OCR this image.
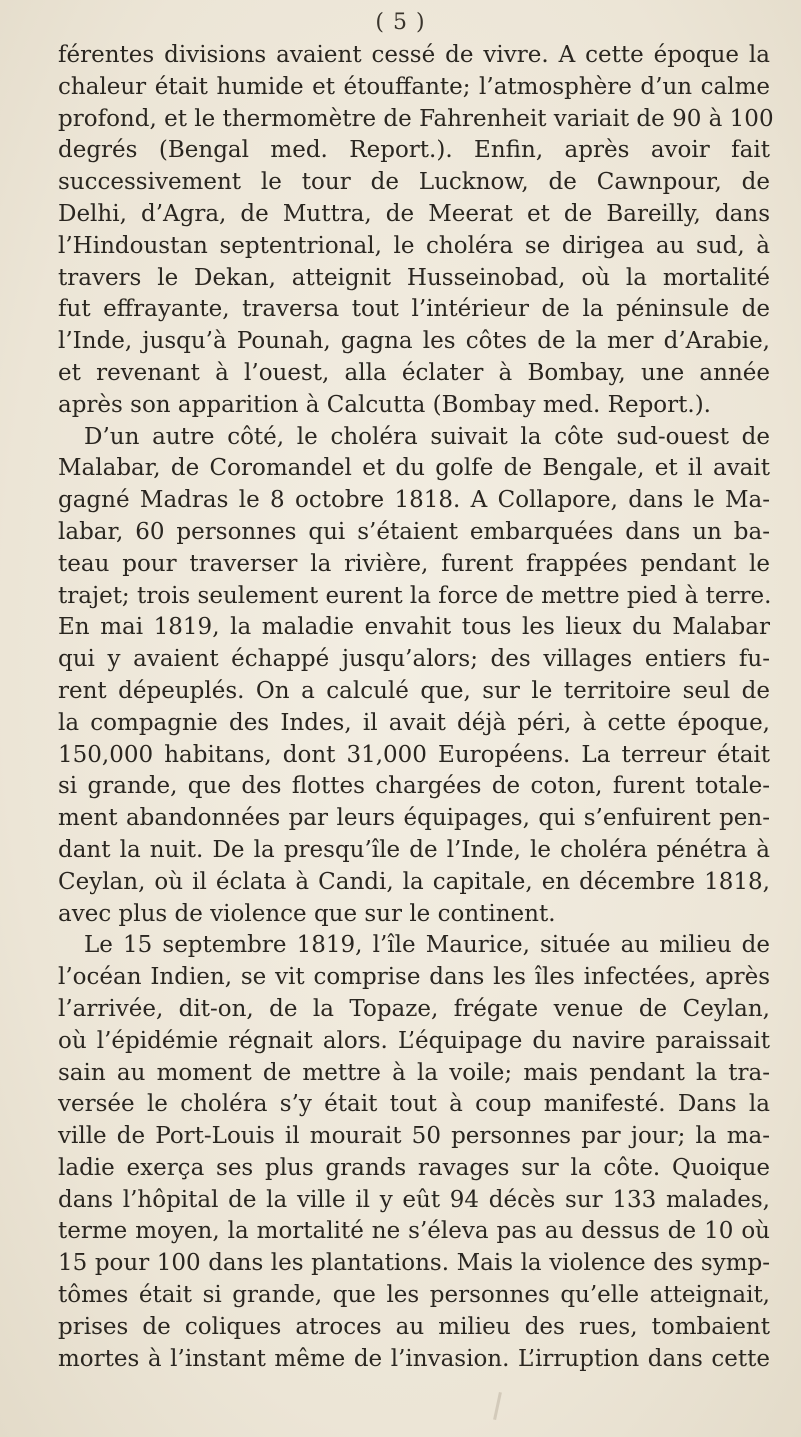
( 5 )
férentes divisions avaient cessé de vivre. A cette époque la
chaleur était humide et étouffante; l’atmosphère d’un calme
profond, et le thermomètre de Fahrenheit variait de 90 à 100
degrés (Bengal med. Report.). Enfin, après avoir fait
successivement le tour de Lucknow, de Cawnpour, de
Delhi, d’Agra, de Muttra, de Meerat et de Bareilly, dans
l’Hindoustan septentrional, le choléra se dirigea au sud, à
travers le Dekan, atteignit Husseinobad, où la mortalité
fut effrayante, traversa tout l’intérieur de la péninsule de
l’Inde, jusqu’à Pounah, gagna les côtes de la mer d’Arabie,
et revenant à l’ouest, alla éclater à Bombay, une année
après son apparition à Calcutta (Bombay med. Report.).
D’un autre côté, le choléra suivait la côte sud-ouest de
Malabar, de Coromandel et du golfe de Bengale, et il avait
gagné Madras le 8 octobre 1818. A Collapore, dans le Ma-
labar, 60 personnes qui s’étaient embarquées dans un ba-
teau pour traverser la rivière, furent frappées pendant le
trajet; trois seulement eurent la force de mettre pied à terre.
En mai 1819, la maladie envahit tous les lieux du Malabar
qui y avaient échappé jusqu’alors; des villages entiers fu-
rent dépeuplés. On a calculé que, sur le territoire seul de
la compagnie des Indes, il avait déjà péri, à cette époque,
150,000 habitans, dont 31,000 Européens. La terreur était
si grande, que des flottes chargées de coton, furent totale-
ment abandonnées par leurs équipages, qui s’enfuirent pen-
dant la nuit. De la presqu’île de l’Inde, le choléra pénétra à
Ceylan, où il éclata à Candi, la capitale, en décembre 1818,
avec plus de violence que sur le continent.
Le 15 septembre 1819, l’île Maurice, située au milieu de
l’océan Indien, se vit comprise dans les îles infectées, après
l’arrivée, dit-on, de la Topaze, frégate venue de Ceylan,
où l’épidémie régnait alors. L’équipage du navire paraissait
sain au moment de mettre à la voile; mais pendant la tra-
versée le choléra s’y était tout à coup manifesté. Dans la
ville de Port-Louis il mourait 50 personnes par jour; la ma-
ladie exerça ses plus grands ravages sur la côte. Quoique
dans l’hôpital de la ville il y eût 94 décès sur 133 malades,
terme moyen, la mortalité ne s’éleva pas au dessus de 10 où
15 pour 100 dans les plantations. Mais la violence des symp-
tômes était si grande, que les personnes qu’elle atteignait,
prises de coliques atroces au milieu des rues, tombaient
mortes à l’instant même de l’invasion. L’irruption dans cette
